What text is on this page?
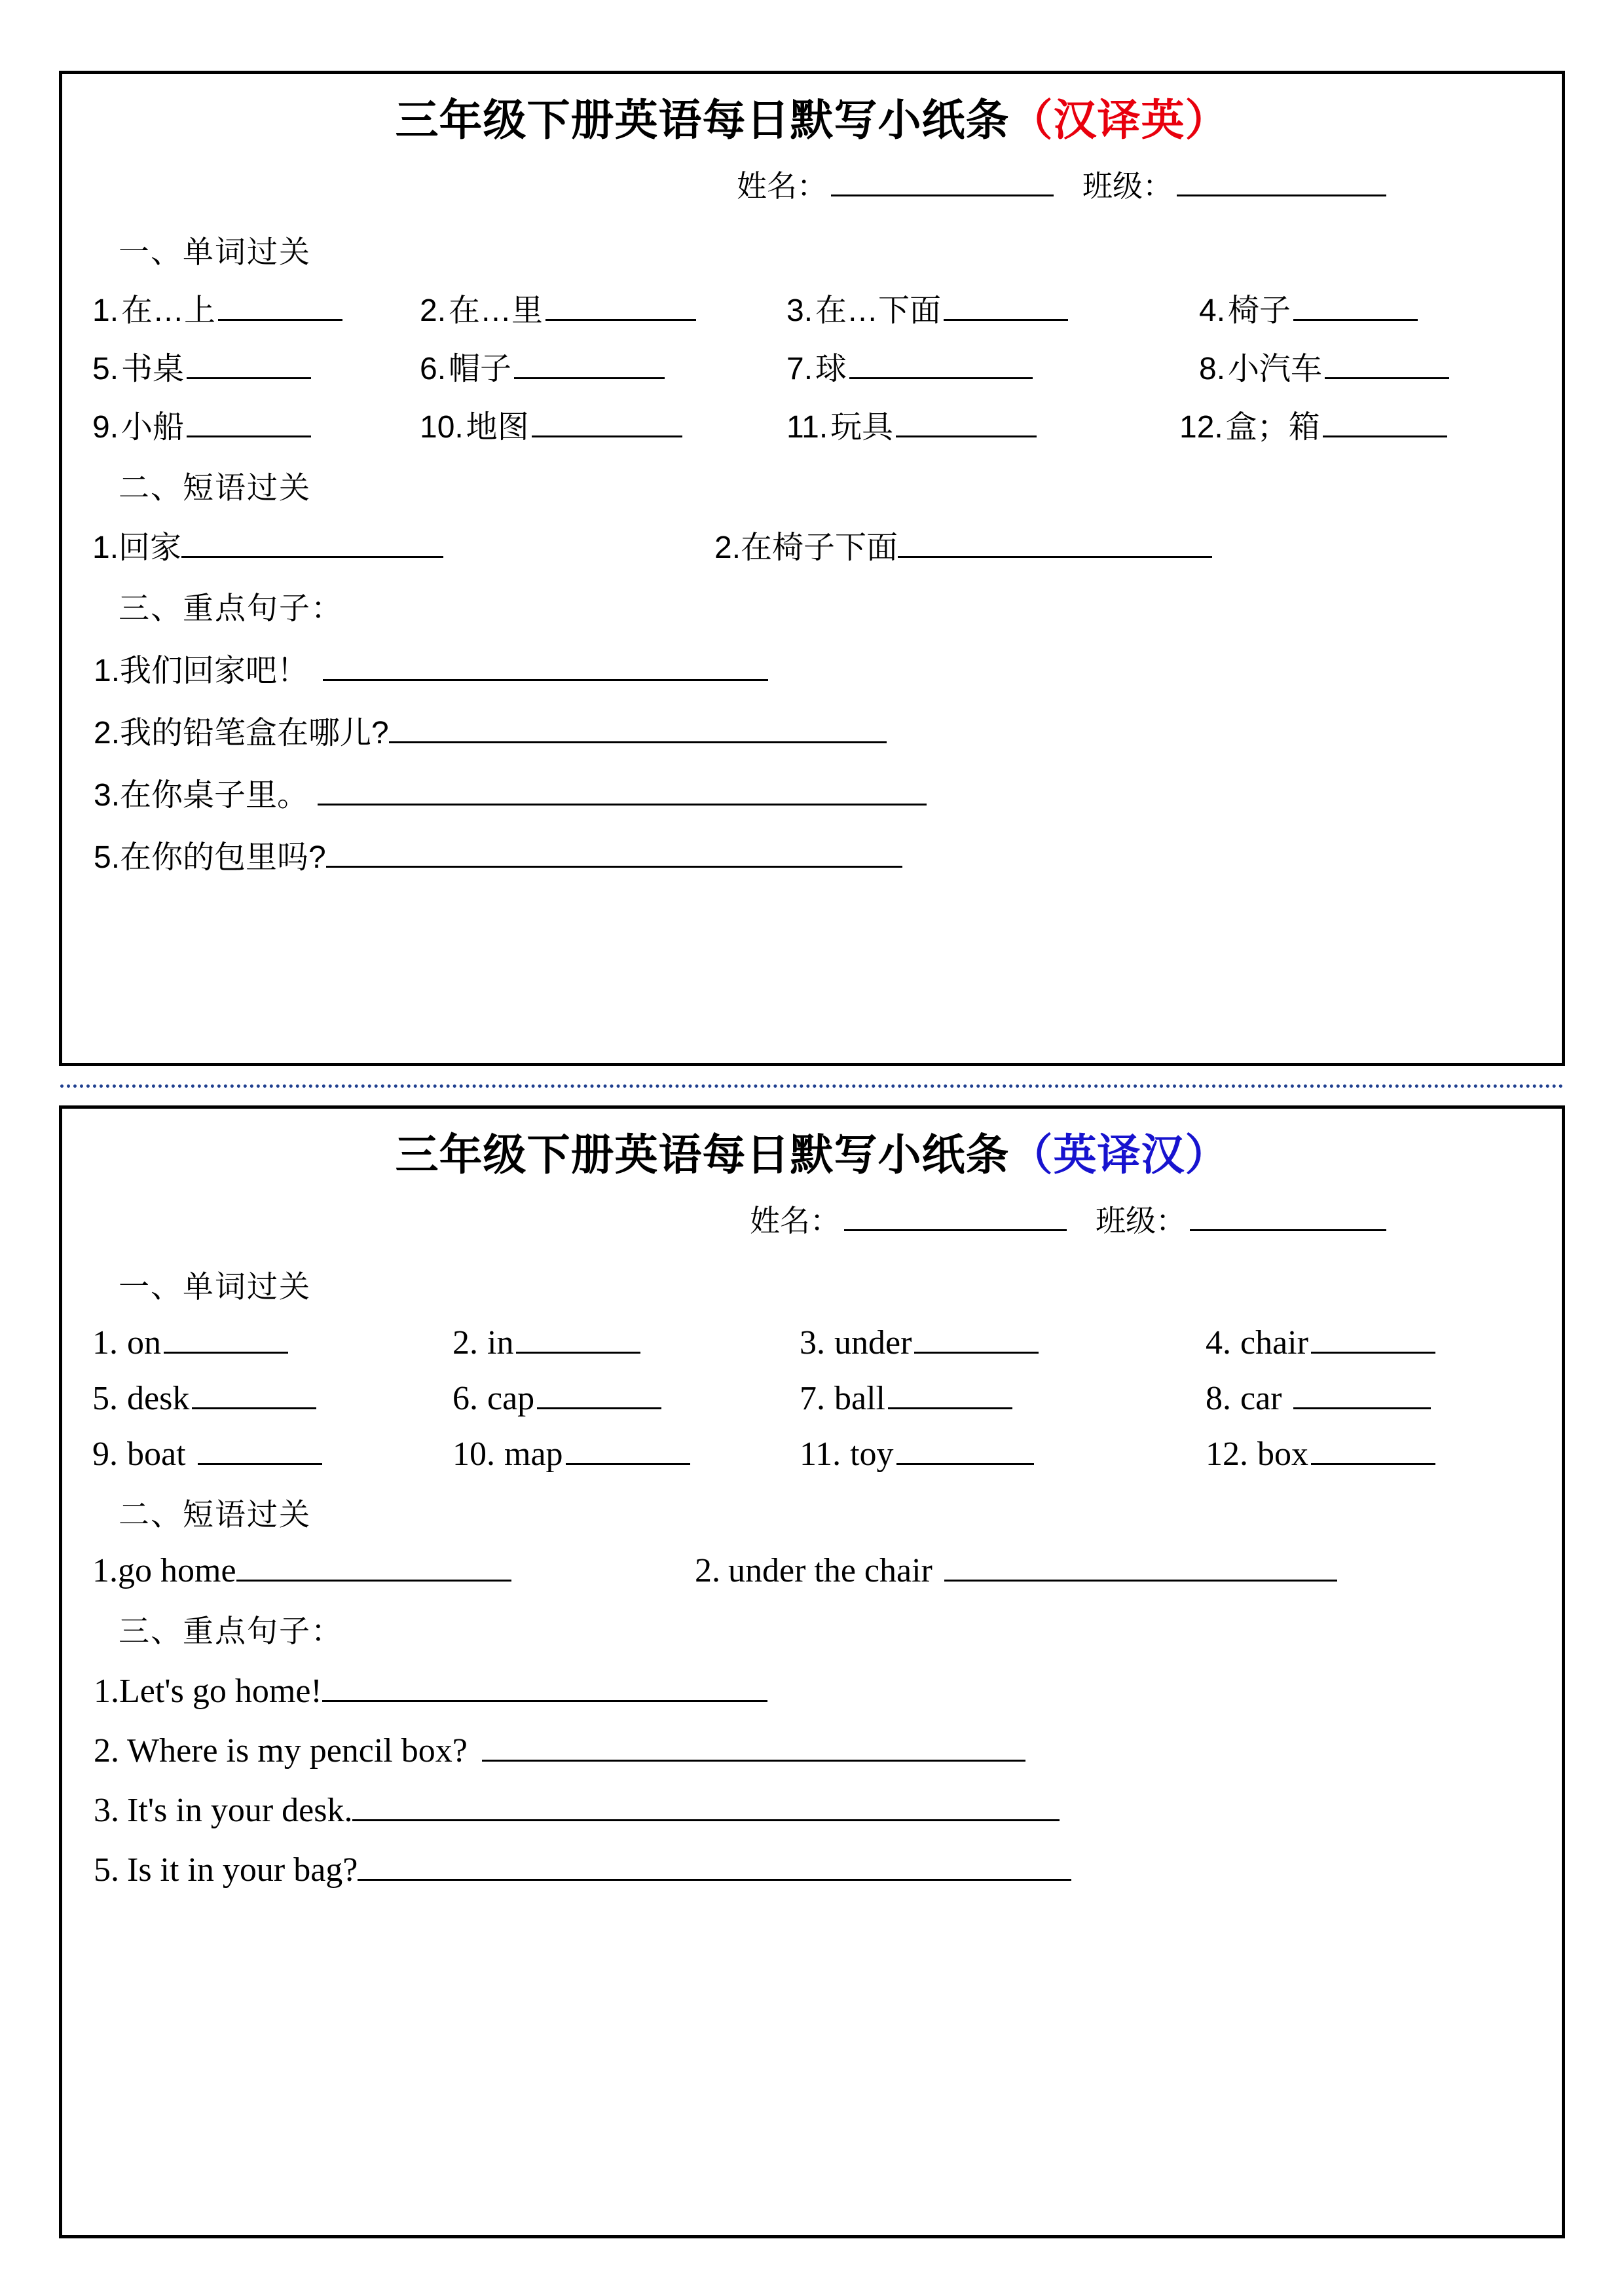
三年级下册英语每日默写小纸条（汉译英）
姓名：	班级：
一、单词过关
1. 在…上	2. 在…里	3. 在…下面	4. 椅子
5. 书桌	6. 帽子	7. 球	8. 小汽车
9. 小船	10. 地图	11. 玩具	12. 盒；箱
二、短语过关
1. 回家	2. 在椅子下面
三、重点句子：
1. 我们回家吧！
2. 我的铅笔盒在哪儿?
3. 在你桌子里。
5. 在你的包里吗?
三年级下册英语每日默写小纸条（英译汉）
姓名：	班级：
一、单词过关
1. on	2. in	3. under	4. chair
5. desk	6. cap	7. ball	8. car
9. boat	10. map	11. toy	12. box
二、短语过关
1. go home	2. under the chair
三、重点句子：
1. Let's go home!
2. Where is my pencil box?
3. It's in your desk.
5. Is it in your bag?
